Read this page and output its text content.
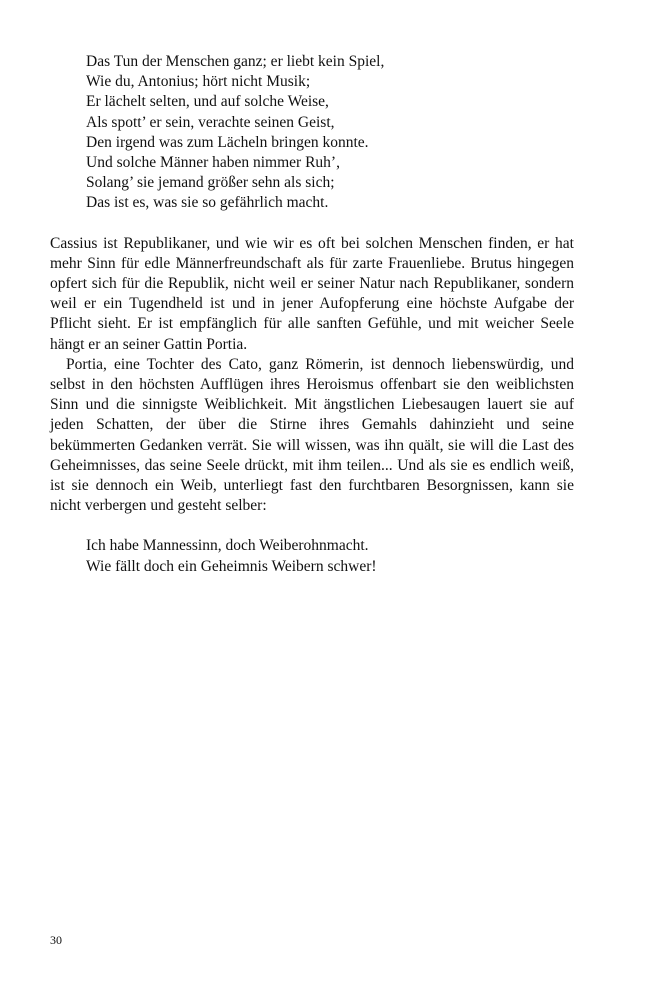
Das Tun der Menschen ganz; er liebt kein Spiel,
Wie du, Antonius; hört nicht Musik;
Er lächelt selten, und auf solche Weise,
Als spott’ er sein, verachte seinen Geist,
Den irgend was zum Lächeln bringen konnte.
Und solche Männer haben nimmer Ruh’,
Solang’ sie jemand größer sehn als sich;
Das ist es, was sie so gefährlich macht.

Cassius ist Republikaner, und wie wir es oft bei solchen Menschen finden, er hat mehr Sinn für edle Männerfreundschaft als für zarte Frauenliebe. Brutus hingegen opfert sich für die Republik, nicht weil er seiner Natur nach Republikaner, sondern weil er ein Tugendheld ist und in jener Aufopferung eine höchste Aufgabe der Pflicht sieht. Er ist empfänglich für alle sanften Gefühle, und mit weicher Seele hängt er an seiner Gattin Portia.

Portia, eine Tochter des Cato, ganz Römerin, ist dennoch liebenswürdig, und selbst in den höchsten Aufflügen ihres Heroismus offenbart sie den weiblichsten Sinn und die sinnigste Weiblichkeit. Mit ängstlichen Liebesaugen lauert sie auf jeden Schatten, der über die Stirne ihres Gemahls dahinzieht und seine bekümmerten Gedanken verrät. Sie will wissen, was ihn quält, sie will die Last des Geheimnisses, das seine Seele drückt, mit ihm teilen... Und als sie es endlich weiß, ist sie dennoch ein Weib, unterliegt fast den furchtbaren Besorgnissen, kann sie nicht verbergen und gesteht selber:

Ich habe Mannessinn, doch Weiberohnmacht.
Wie fällt doch ein Geheimnis Weibern schwer!
30
